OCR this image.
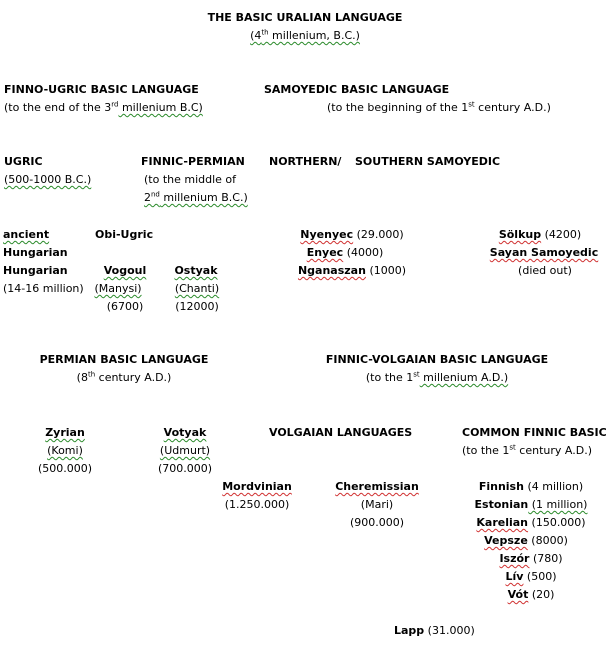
THE BASIC URALIAN LANGUAGE
(4th millenium, B.C.)
FINNO-UGRIC BASIC LANGUAGE
(to the end of the 3rd millenium B.C)
SAMOYEDIC BASIC LANGUAGE
(to the beginning of the 1st century A.D.)
UGRIC
(500-1000 B.C.)
FINNIC-PERMIAN
(to the middle of
2nd millenium B.C.)
NORTHERN/ SOUTHERN SAMOYEDIC
ancient
Hungarian
Obi-Ugric
Hungarian
(14-16 million)
Vogoul
(Manysi)
(6700)
Ostyak
(Chanti)
(12000)
Nyenyec (29.000)
Enyec (4000)
Nganaszan (1000)
Sölkup (4200)
Sayan Samoyedic
(died out)
PERMIAN BASIC LANGUAGE
(8th century A.D.)
FINNIC-VOLGAIAN BASIC LANGUAGE
(to the 1st millenium A.D.)
Zyrian
(Komi)
(500.000)
Votyak
(Udmurt)
(700.000)
VOLGAIAN LANGUAGES	COMMON FINNIC BASIC
(to the 1st century A.D.)
Mordvinian
(1.250.000)
Cheremissian
(Mari)
(900.000)
Finnish (4 million)
Estonian (1 million)
Karelian (150.000)
Vepsze (8000)
Iszór (780)
Lív (500)
Vót (20)
Lapp (31.000)
